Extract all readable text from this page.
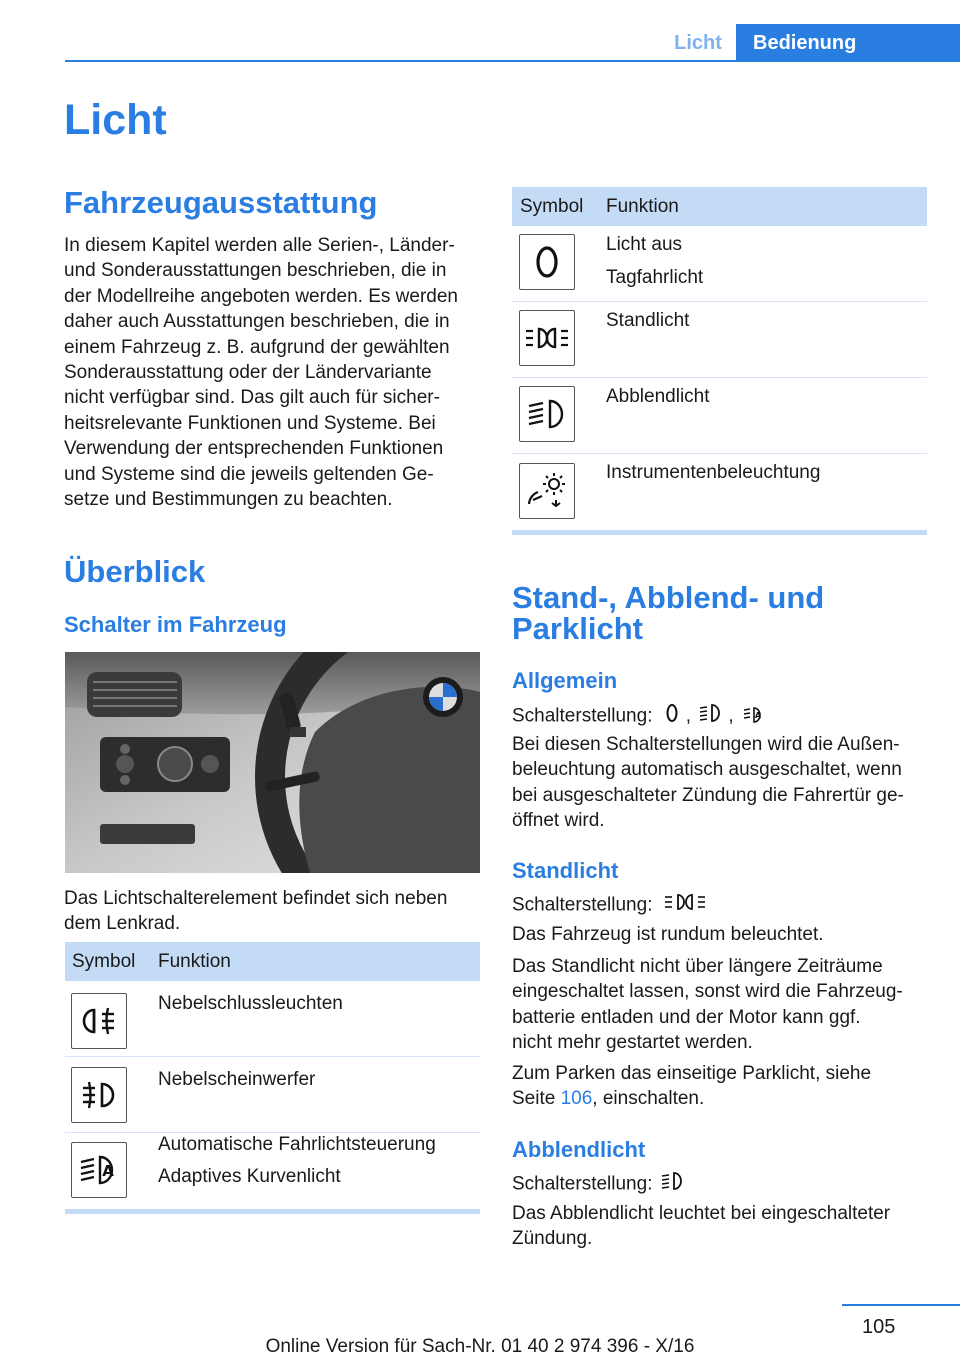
Licht	Bedienung
Licht
Fahrzeugausstattung
In diesem Kapitel werden alle Serien-, Länder-
und Sonderausstattungen beschrieben, die in
der Modellreihe angeboten werden. Es werden
daher auch Ausstattungen beschrieben, die in
einem Fahrzeug z. B. aufgrund der gewählten
Sonderausstattung oder der Ländervariante
nicht verfügbar sind. Das gilt auch für sicher-
heitsrelevante Funktionen und Systeme. Bei
Verwendung der entsprechenden Funktionen
und Systeme sind die jeweils geltenden Ge-
setze und Bestimmungen zu beachten.
Überblick
Schalter im Fahrzeug
Das Lichtschalterelement befindet sich neben
dem Lenkrad.
Symbol Funktion
Nebelschlussleuchten
Nebelscheinwerfer
A
Automatische Fahrlichtsteuerung
Adaptives Kurvenlicht
Symbol Funktion
Licht aus
Tagfahrlicht
Standlicht
Abblendlicht
Instrumentenbeleuchtung
Stand-, Abblend- und
Parklicht
Allgemein
Schalterstellung: , ,	A
Bei diesen Schalterstellungen wird die Außen-
beleuchtung automatisch ausgeschaltet, wenn
bei ausgeschalteter Zündung die Fahrertür ge-
öffnet wird.
Standlicht
Schalterstellung:
Das Fahrzeug ist rundum beleuchtet.
Das Standlicht nicht über längere Zeiträume
eingeschaltet lassen, sonst wird die Fahrzeug-
batterie entladen und der Motor kann ggf.
nicht mehr gestartet werden.
Zum Parken das einseitige Parklicht, siehe
Seite 106, einschalten.
Abblendlicht
Schalterstellung:
Das Abblendlicht leuchtet bei eingeschalteter
Zündung.
105
Online Version für Sach-Nr. 01 40 2 974 396 - X/16
